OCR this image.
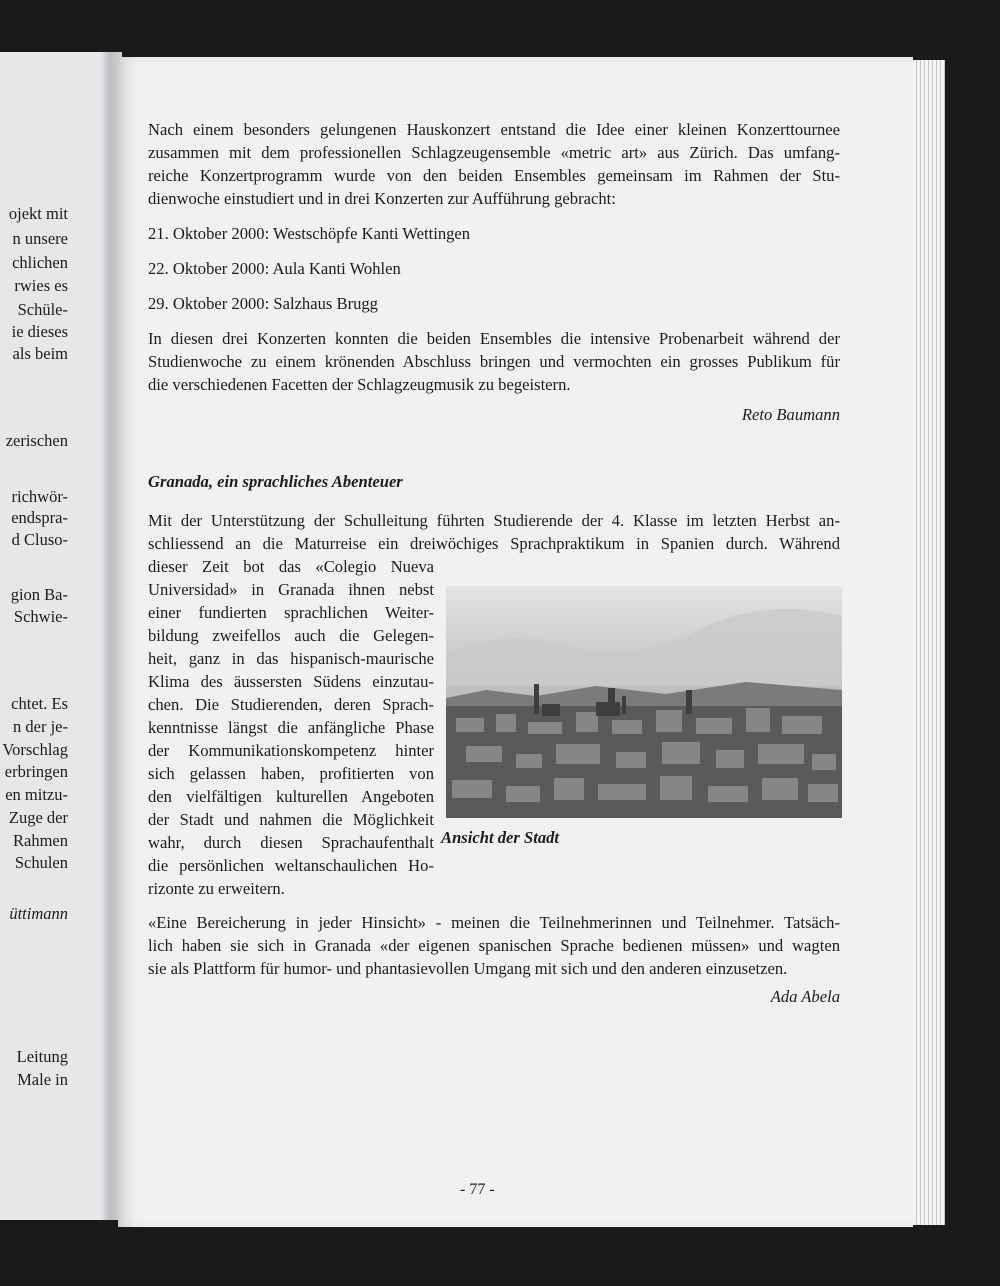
ojekt mit
n unsere
chlichen
rwies es
Schüle-
ie dieses
als beim
zerischen
richwör-
endspra-
d Cluso-
gion Ba-
Schwie-
chtet. Es
n der je-
Vorschlag
erbringen
en mitzu-
Zuge der
Rahmen
Schulen
üttimann
Leitung
Male in

Nach einem besonders gelungenen Hauskonzert entstand die Idee einer kleinen Konzerttournee

zusammen mit dem professionellen Schlagzeugensemble «metric art» aus Zürich. Das umfang-

reiche Konzertprogramm wurde von den beiden Ensembles gemeinsam im Rahmen der Stu-

dienwoche einstudiert und in drei Konzerten zur Aufführung gebracht:

21. Oktober 2000: Westschöpfe Kanti Wettingen

22. Oktober 2000: Aula Kanti Wohlen

29. Oktober 2000: Salzhaus Brugg

In diesen drei Konzerten konnten die beiden Ensembles die intensive Probenarbeit während der

Studienwoche zu einem krönenden Abschluss bringen und vermochten ein grosses Publikum für

die verschiedenen Facetten der Schlagzeugmusik zu begeistern.

Reto Baumann

Granada, ein sprachliches Abenteuer

Mit der Unterstützung der Schulleitung führten Studierende der 4. Klasse im letzten Herbst an-

schliessend an die Maturreise ein dreiwöchiges Sprachpraktikum in Spanien durch. Während

dieser Zeit bot das «Colegio Nueva

Universidad» in Granada ihnen nebst

einer fundierten sprachlichen Weiter-

bildung zweifellos auch die Gelegen-

heit, ganz in das hispanisch-maurische

Klima des äussersten Südens einzutau-

chen. Die Studierenden, deren Sprach-

kenntnisse längst die anfängliche Phase

der Kommunikationskompetenz hinter

sich gelassen haben, profitierten von

den vielfältigen kulturellen Angeboten

der Stadt und nahmen die Möglichkeit

wahr, durch diesen Sprachaufenthalt

die persönlichen weltanschaulichen Ho-

rizonte zu erweitern.

Ansicht der Stadt

«Eine Bereicherung in jeder Hinsicht» - meinen die Teilnehmerinnen und Teilnehmer. Tatsäch-

lich haben sie sich in Granada «der eigenen spanischen Sprache bedienen müssen» und wagten

sie als Plattform für humor- und phantasievollen Umgang mit sich und den anderen einzusetzen.

Ada Abela

- 77 -
